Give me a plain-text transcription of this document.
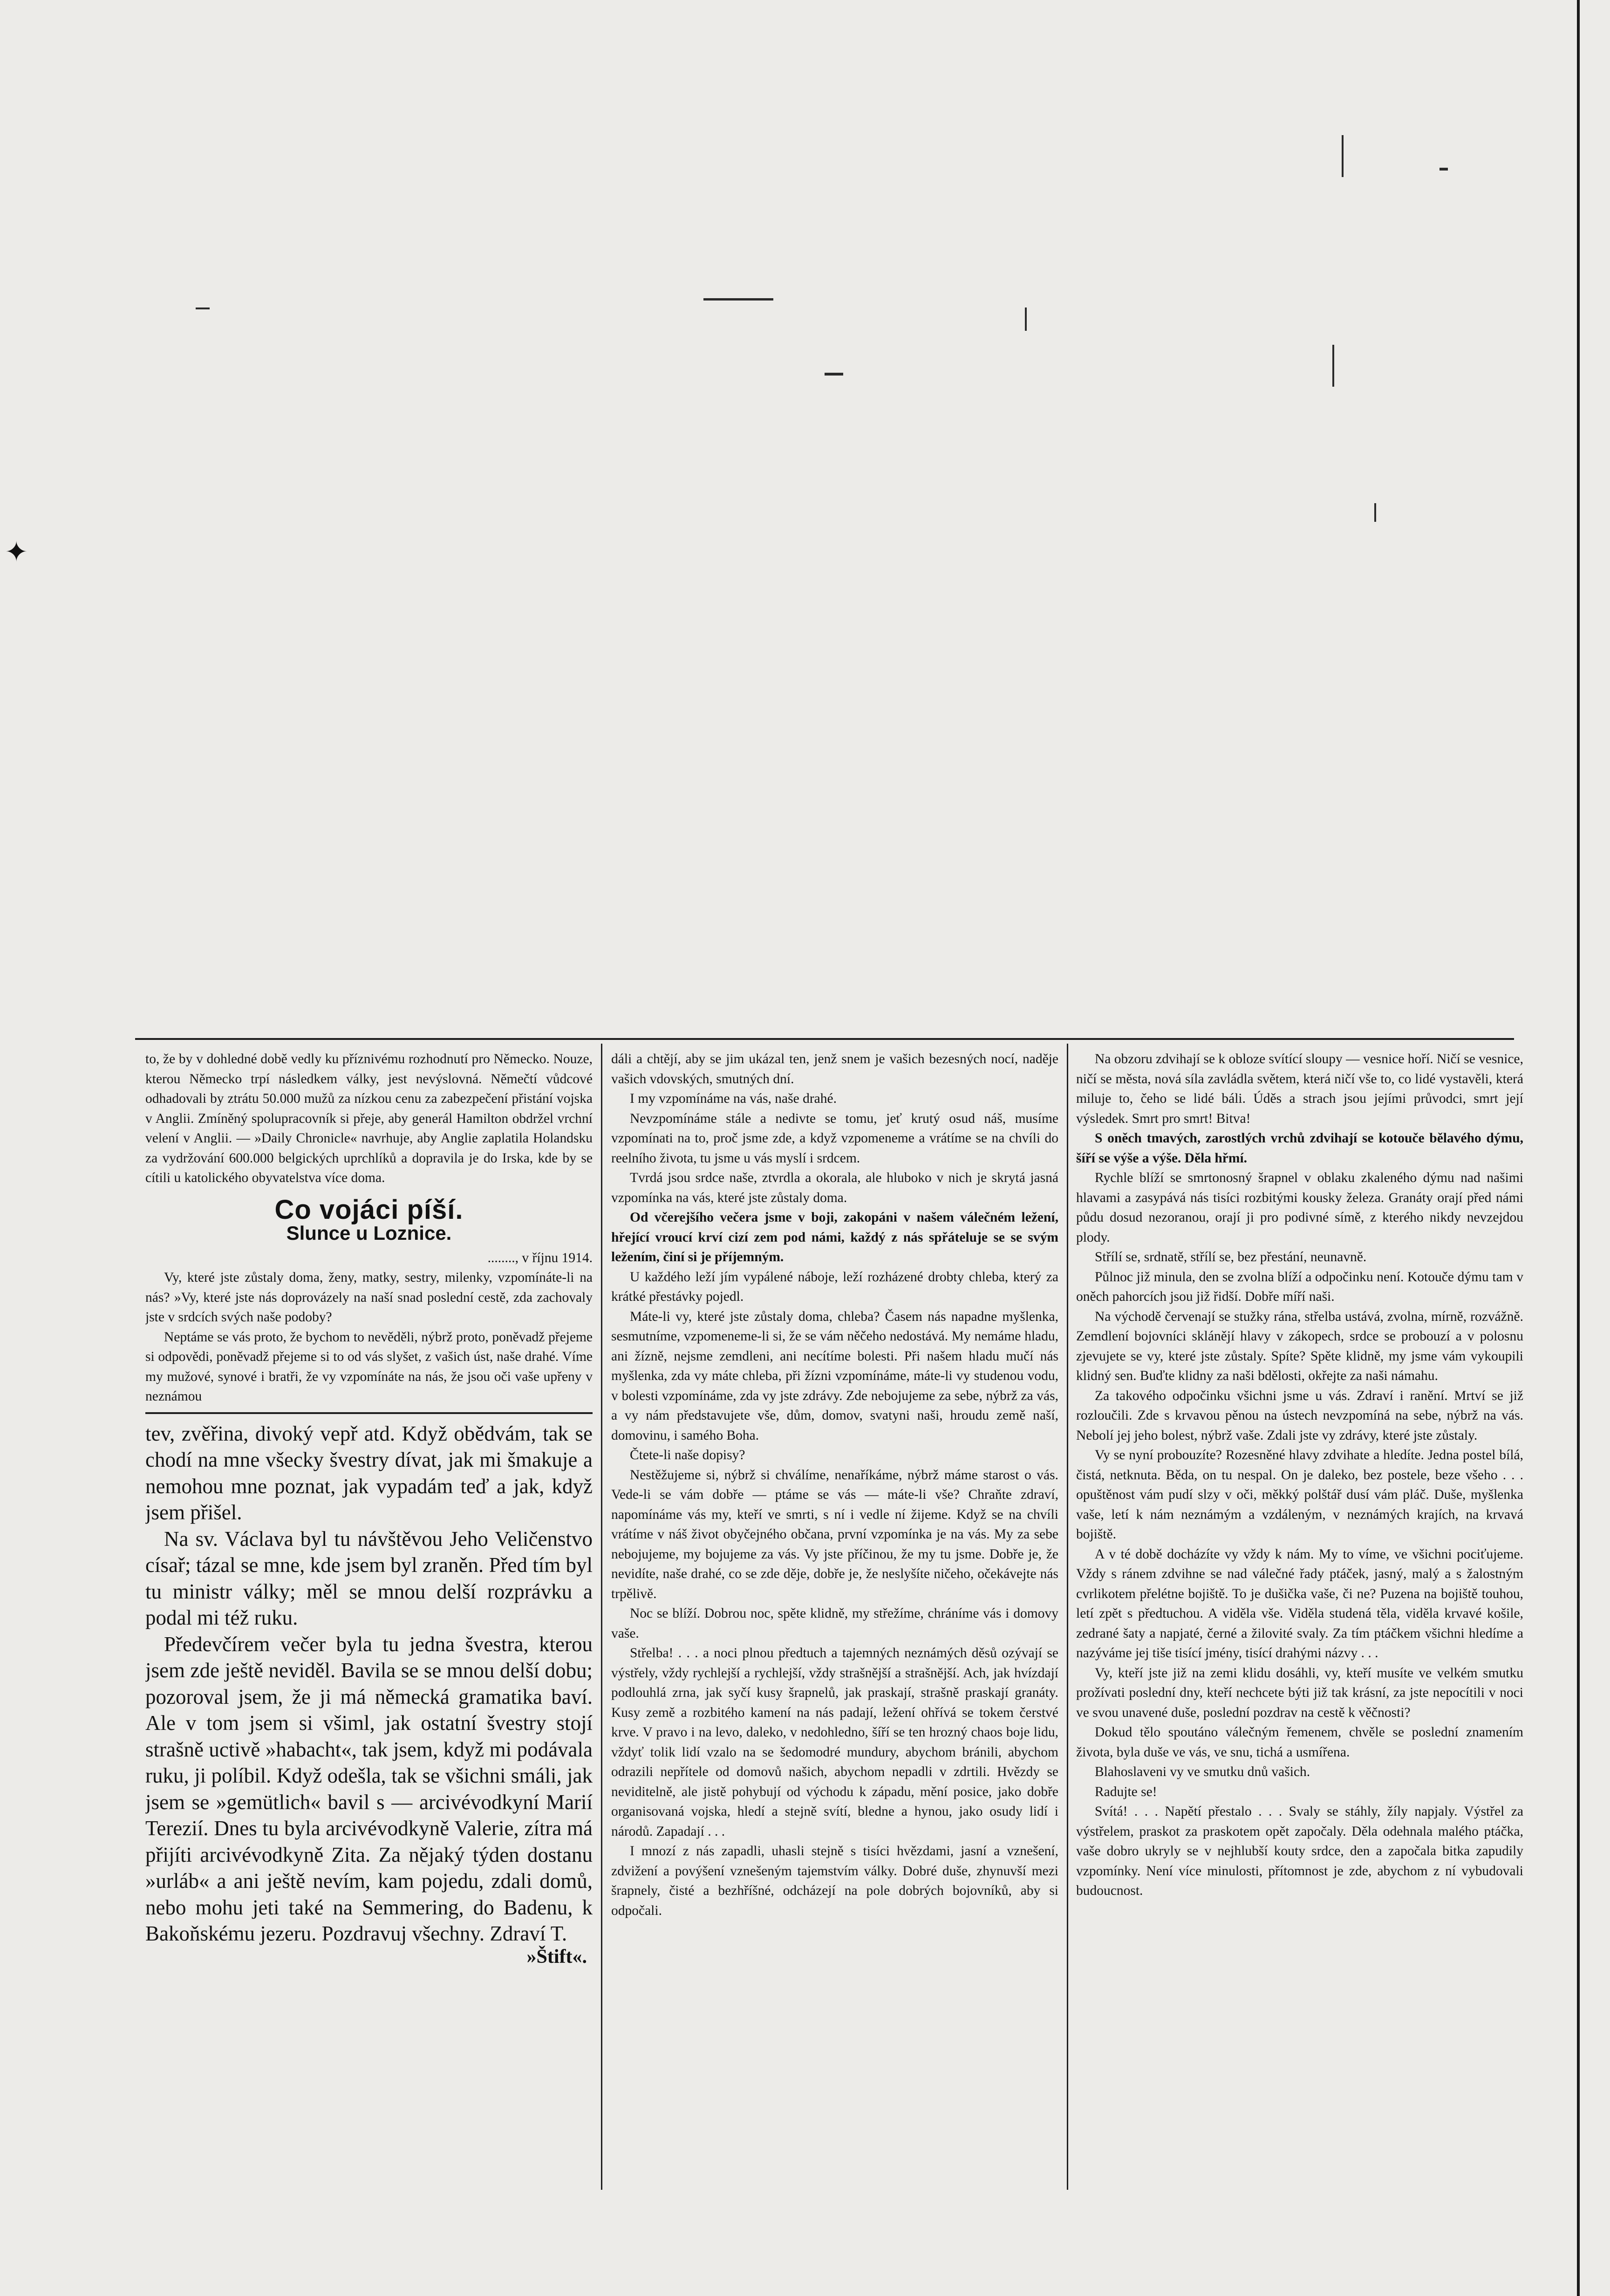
✦

to, že by v dohledné době vedly ku příznivému rozhodnutí pro Německo. Nouze, kterou Německo trpí následkem války, jest nevýslovná. Němečtí vůdcové odhadovali by ztrátu 50.000 mužů za nízkou cenu za zabezpečení přistání vojska v Anglii. Zmíněný spolupracovník si přeje, aby generál Hamilton obdržel vrchní velení v Anglii. — »Daily Chronicle« navrhuje, aby Anglie zaplatila Holandsku za vydržování 600.000 belgických uprchlíků a dopravila je do Irska, kde by se cítili u katolického obyvatelstva více doma.

Co vojáci píší.
Slunce u Loznice.
........, v říjnu 1914.

Vy, které jste zůstaly doma, ženy, matky, sestry, milenky, vzpomínáte-li na nás? »Vy, které jste nás doprovázely na naší snad poslední cestě, zda zachovaly jste v srdcích svých naše podoby?

Neptáme se vás proto, že bychom to nevěděli, nýbrž proto, poněvadž přejeme si odpovědi, poněvadž přejeme si to od vás slyšet, z vašich úst, naše drahé. Víme my mužové, synové i bratři, že vy vzpomínáte na nás, že jsou oči vaše upřeny v neznámou

tev, zvěřina, divoký vepř atd. Když obědvám, tak se chodí na mne všecky švestry dívat, jak mi šmakuje a nemohou mne poznat, jak vypadám teď a jak, když jsem přišel.

Na sv. Václava byl tu návštěvou Jeho Veličenstvo císař; tázal se mne, kde jsem byl zraněn. Před tím byl tu ministr války; měl se mnou delší rozprávku a podal mi též ruku.

Předevčírem večer byla tu jedna švestra, kterou jsem zde ještě neviděl. Bavila se se mnou delší dobu; pozoroval jsem, že ji má německá gramatika baví. Ale v tom jsem si všiml, jak ostatní švestry stojí strašně uctivě »habacht«, tak jsem, když mi podávala ruku, ji políbil. Když odešla, tak se všichni smáli, jak jsem se »gemütlich« bavil s — arcivévodkyní Marií Terezií. Dnes tu byla arcivévodkyně Valerie, zítra má přijíti arcivévodkyně Zita. Za nějaký týden dostanu »urláb« a ani ještě nevím, kam pojedu, zdali domů, nebo mohu jeti také na Semmering, do Badenu, k Bakoňskému jezeru. Pozdravuj všechny. Zdraví T.

»Štift«.

dáli a chtějí, aby se jim ukázal ten, jenž snem je vašich bezesných nocí, naděje vašich vdovských, smutných dní.

I my vzpomínáme na vás, naše drahé.

Nevzpomínáme stále a nedivte se tomu, jeť krutý osud náš, musíme vzpomínati na to, proč jsme zde, a když vzpomeneme a vrátíme se na chvíli do reelního života, tu jsme u vás myslí i srdcem.

Tvrdá jsou srdce naše, ztvrdla a okorala, ale hluboko v nich je skrytá jasná vzpomínka na vás, které jste zůstaly doma.

Od včerejšího večera jsme v boji, zakopáni v našem válečném ležení, hřející vroucí krví cizí zem pod námi, každý z nás spřáteluje se se svým ležením, činí si je příjemným.

U každého leží jím vypálené náboje, leží rozházené drobty chleba, který za krátké přestávky pojedl.

Máte-li vy, které jste zůstaly doma, chleba? Časem nás napadne myšlenka, sesmutníme, vzpomeneme-li si, že se vám něčeho nedostává. My nemáme hladu, ani žízně, nejsme zemdleni, ani necítíme bolesti. Při našem hladu mučí nás myšlenka, zda vy máte chleba, při žízni vzpomínáme, máte-li vy studenou vodu, v bolesti vzpomínáme, zda vy jste zdrávy. Zde nebojujeme za sebe, nýbrž za vás, a vy nám představujete vše, dům, domov, svatyni naši, hroudu země naší, domovinu, i samého Boha.

Čtete-li naše dopisy?

Nestěžujeme si, nýbrž si chválíme, nenaříkáme, nýbrž máme starost o vás. Vede-li se vám dobře — ptáme se vás — máte-li vše? Chraňte zdraví, napomínáme vás my, kteří ve smrti, s ní i vedle ní žijeme. Když se na chvíli vrátíme v náš život obyčejného občana, první vzpomínka je na vás. My za sebe nebojujeme, my bojujeme za vás. Vy jste příčinou, že my tu jsme. Dobře je, že nevidíte, naše drahé, co se zde děje, dobře je, že neslyšíte ničeho, očekávejte nás trpělivě.

Noc se blíží. Dobrou noc, spěte klidně, my střežíme, chráníme vás i domovy vaše.

Střelba! . . . a noci plnou předtuch a tajemných neznámých děsů ozývají se výstřely, vždy rychlejší a rychlejší, vždy strašnější a strašnější. Ach, jak hvízdají podlouhlá zrna, jak syčí kusy šrapnelů, jak praskají, strašně praskají granáty. Kusy země a rozbitého kamení na nás padají, ležení ohřívá se tokem čerstvé krve. V pravo i na levo, daleko, v nedohledno, šíří se ten hrozný chaos boje lidu, vždyť tolik lidí vzalo na se šedomodré mundury, abychom bránili, abychom odrazili nepřítele od domovů našich, abychom nepadli v zdrtili. Hvězdy se neviditelně, ale jistě pohybují od východu k západu, mění posice, jako dobře organisovaná vojska, hledí a stejně svítí, bledne a hynou, jako osudy lidí i národů. Zapadají . . .

I mnozí z nás zapadli, uhasli stejně s tisíci hvězdami, jasní a vznešení, zdvižení a povýšení vznešeným tajemstvím války. Dobré duše, zhynuvší mezi šrapnely, čisté a bezhříšné, odcházejí na pole dobrých bojovníků, aby si odpočali.

Na obzoru zdvihají se k obloze svítící sloupy — vesnice hoří. Ničí se vesnice, ničí se města, nová síla zavládla světem, která ničí vše to, co lidé vystavěli, která miluje to, čeho se lidé báli. Úděs a strach jsou jejími průvodci, smrt její výsledek. Smrt pro smrt! Bitva!

S oněch tmavých, zarostlých vrchů zdvihají se kotouče bělavého dýmu, šíří se výše a výše. Děla hřmí.

Rychle blíží se smrtonosný šrapnel v oblaku zkaleného dýmu nad našimi hlavami a zasypává nás tisíci rozbitými kousky železa. Granáty orají před námi půdu dosud nezoranou, orají ji pro podivné símě, z kterého nikdy nevzejdou plody.

Střílí se, srdnatě, střílí se, bez přestání, neunavně.

Půlnoc již minula, den se zvolna blíží a odpočinku není. Kotouče dýmu tam v oněch pahorcích jsou již řidší. Dobře míří naši.

Na východě červenají se stužky rána, střelba ustává, zvolna, mírně, rozvážně. Zemdlení bojovníci sklánějí hlavy v zákopech, srdce se probouzí a v polosnu zjevujete se vy, které jste zůstaly. Spíte? Spěte klidně, my jsme vám vykoupili klidný sen. Buďte klidny za naši bdělosti, okřejte za naši námahu.

Za takového odpočinku všichni jsme u vás. Zdraví i ranění. Mrtví se již rozloučili. Zde s krvavou pěnou na ústech nevzpomíná na sebe, nýbrž na vás. Nebolí jej jeho bolest, nýbrž vaše. Zdali jste vy zdrávy, které jste zůstaly.

Vy se nyní probouzíte? Rozesněné hlavy zdvihate a hledíte. Jedna postel bílá, čistá, netknuta. Běda, on tu nespal. On je daleko, bez postele, beze všeho . . . opuštěnost vám pudí slzy v oči, měkký polštář dusí vám pláč. Duše, myšlenka vaše, letí k nám neznámým a vzdáleným, v neznámých krajích, na krvavá bojiště.

A v té době docházíte vy vždy k nám. My to víme, ve všichni pociťujeme. Vždy s ránem zdvihne se nad válečné řady ptáček, jasný, malý a s žalostným cvrlikotem přelétne bojiště. To je dušička vaše, či ne? Puzena na bojiště touhou, letí zpět s předtuchou. A viděla vše. Viděla studená těla, viděla krvavé košile, zedrané šaty a napjaté, černé a žilovité svaly. Za tím ptáčkem všichni hledíme a nazýváme jej tiše tisící jmény, tisící drahými názvy . . .

Vy, kteří jste již na zemi klidu dosáhli, vy, kteří musíte ve velkém smutku prožívati poslední dny, kteří nechcete býti již tak krásní, za jste nepocítili v noci ve svou unavené duše, poslední pozdrav na cestě k věčnosti?

Dokud tělo spoutáno válečným řemenem, chvěle se poslední znamením života, byla duše ve vás, ve snu, tichá a usmířena.

Blahoslaveni vy ve smutku dnů vašich.

Radujte se!

Svítá! . . . Napětí přestalo . . . Svaly se stáhly, žíly napjaly. Výstřel za výstřelem, praskot za praskotem opět započaly. Děla odehnala malého ptáčka, vaše dobro ukryly se v nejhlubší kouty srdce, den a započala bitka zapudily vzpomínky. Není více minulosti, přítomnost je zde, abychom z ní vybudovali budoucnost.
